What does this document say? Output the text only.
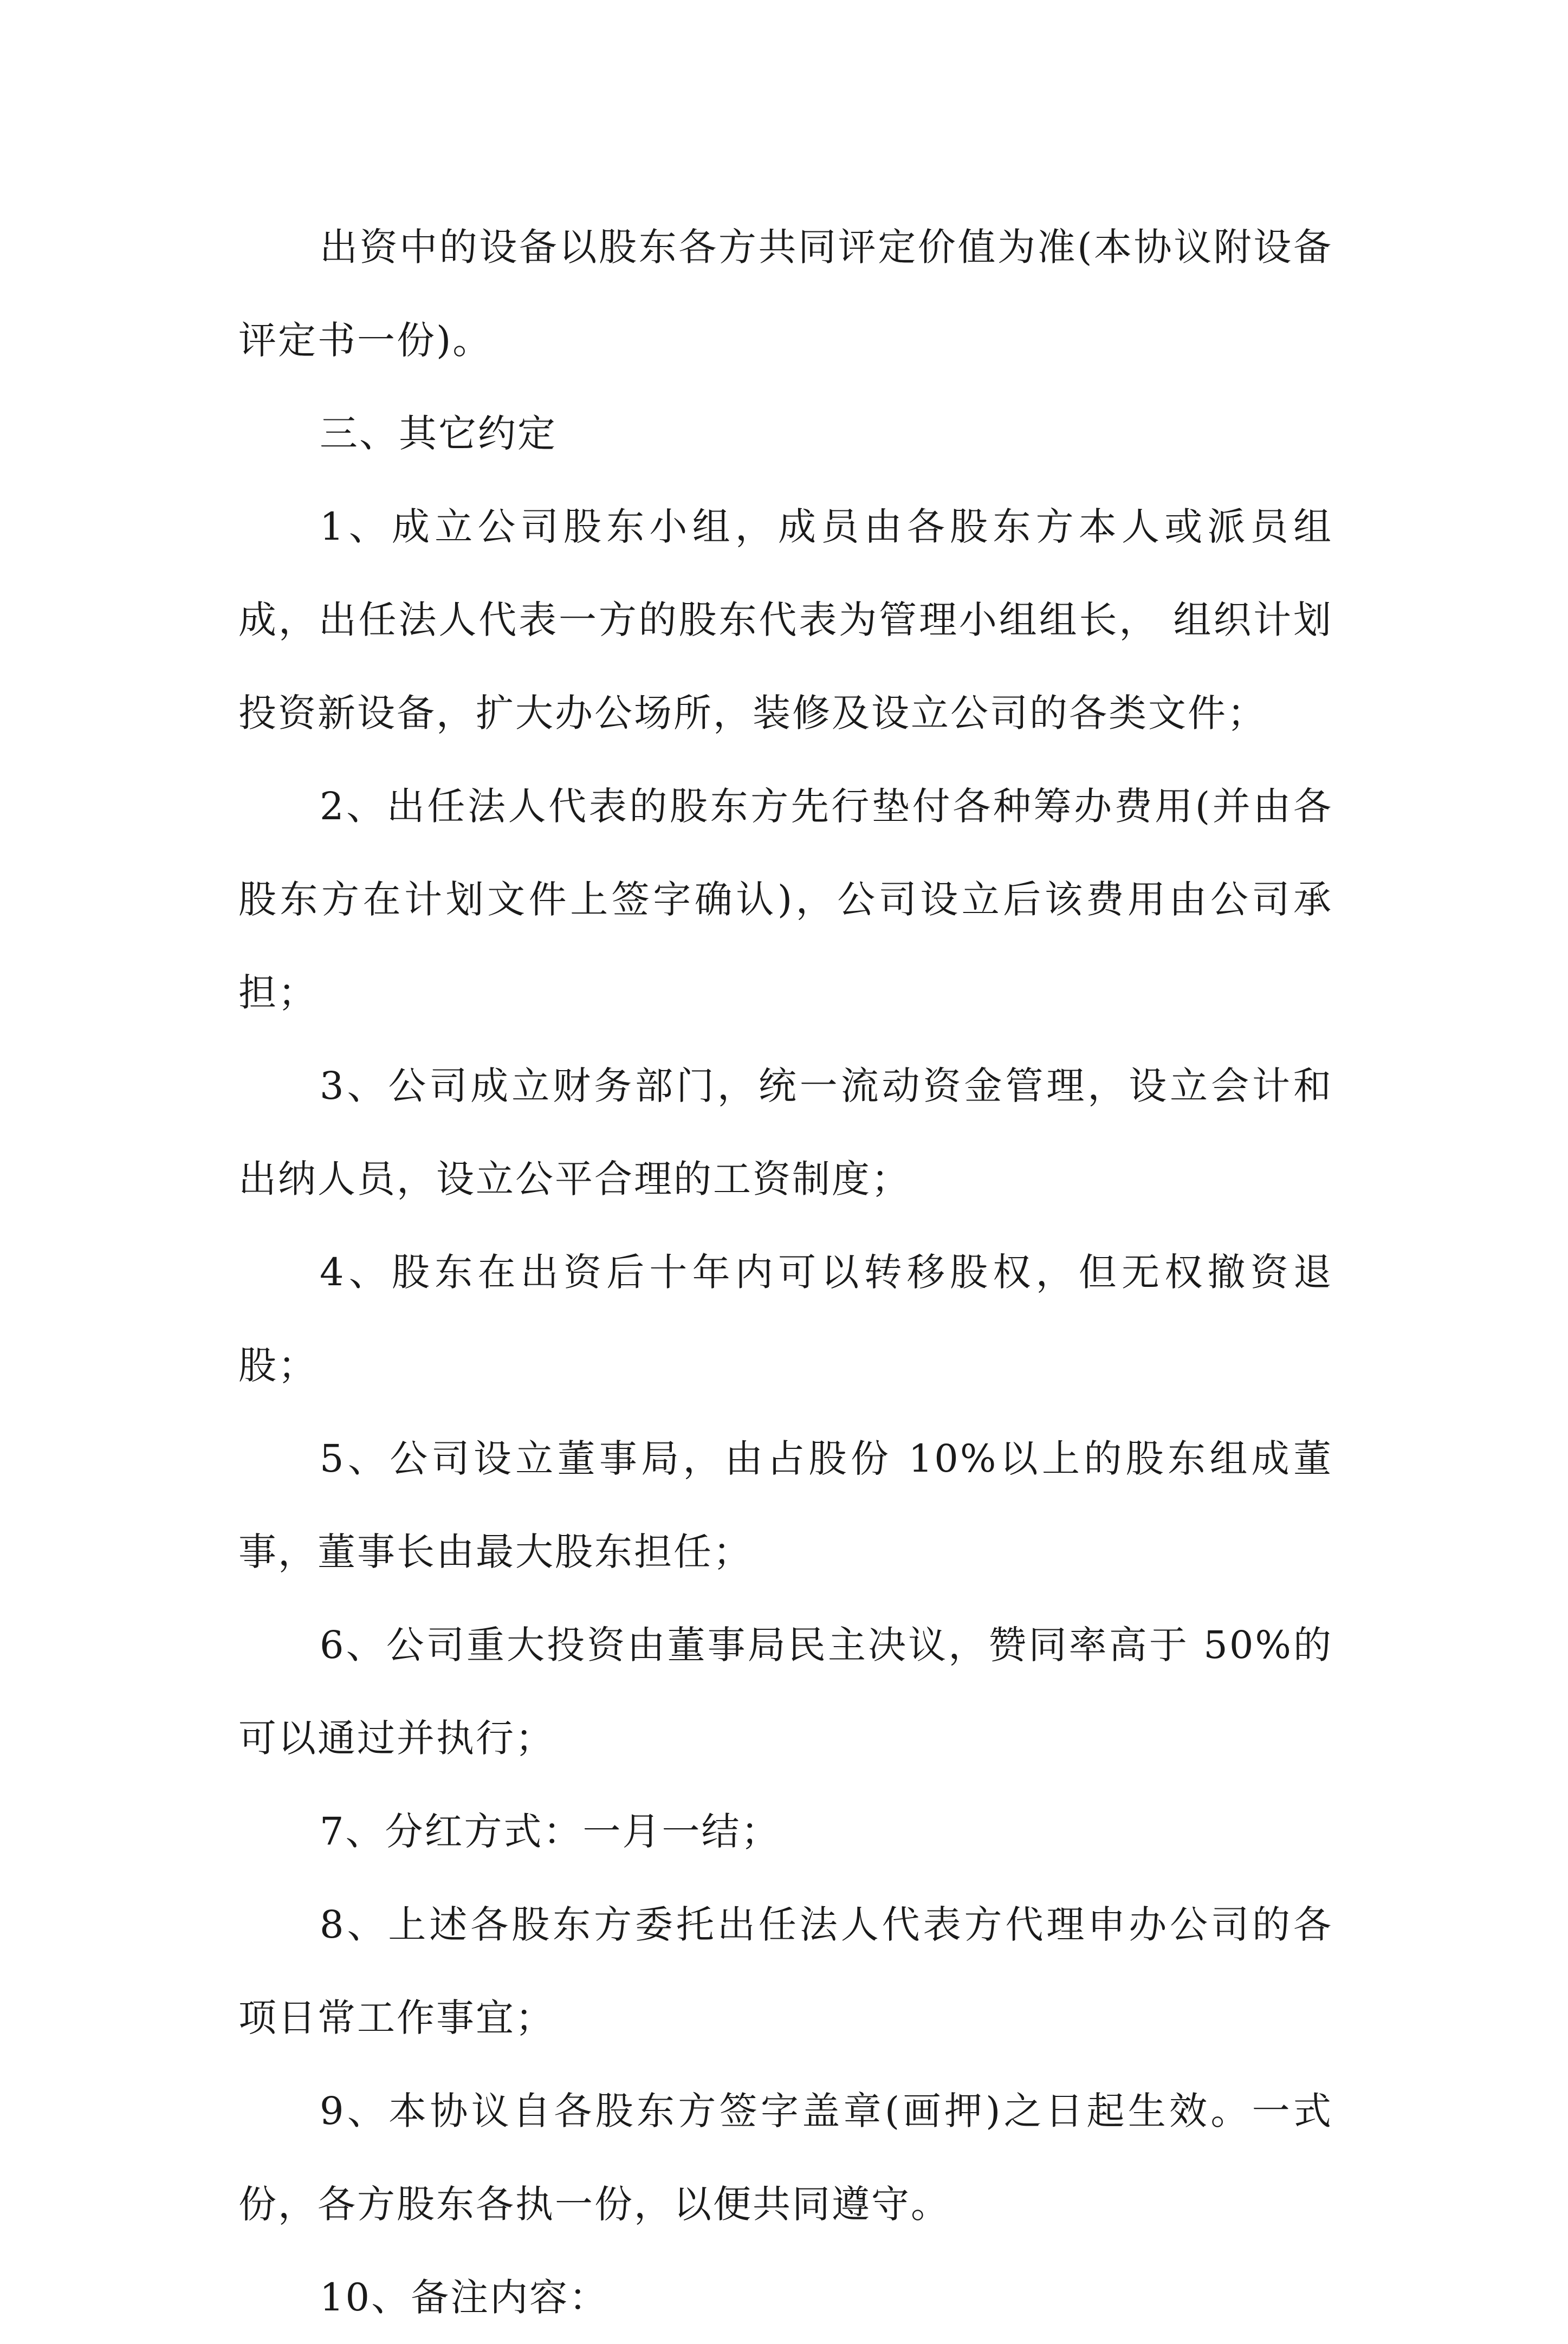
出资中的设备以股东各方共同评定价值为准(本协议附设备评定书一份)。

三、其它约定

1、成立公司股东小组，成员由各股东方本人或派员组成，出任法人代表一方的股东代表为管理小组组长， 组织计划 投资新设备，扩大办公场所，装修及设立公司的各类文件；

2、出任法人代表的股东方先行垫付各种筹办费用(并由各股东方在计划文件上签字确认)，公司设立后该费用由公司承担；

3、公司成立财务部门，统一流动资金管理，设立会计和出纳人员，设立公平合理的工资制度；

4、股东在出资后十年内可以转移股权，但无权撤资退股；

5、公司设立董事局，由占股份 10%以上的股东组成董事，董事长由最大股东担任；

6、公司重大投资由董事局民主决议，赞同率高于 50%的可以通过并执行；

7、分红方式：一月一结；

8、上述各股东方委托出任法人代表方代理申办公司的各项日常工作事宜；

9、本协议自各股东方签字盖章(画押)之日起生效。一式份，各方股东各执一份，以便共同遵守。

10、备注内容：
